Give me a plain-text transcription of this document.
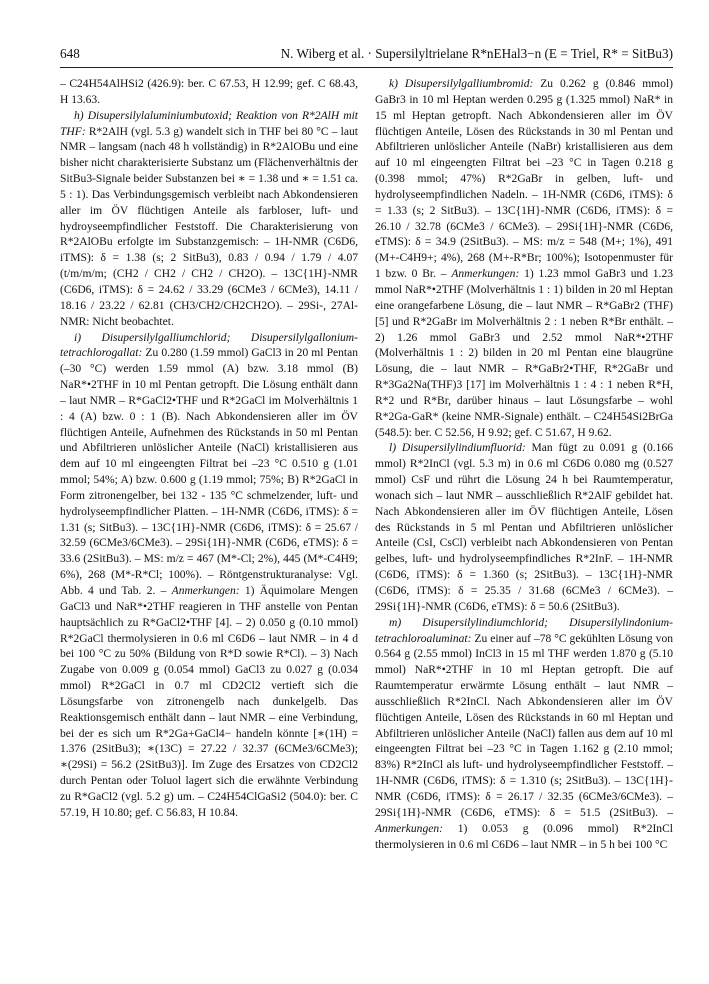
648	N. Wiberg et al. · Supersilyltrielane R*nEHal3−n (E = Triel, R* = SitBu3)

– C24H54AlHSi2 (426.9): ber. C 67.53, H 12.99; gef. C 68.43, H 13.63.

h) Disupersilylaluminiumbutoxid; Reaktion von R*2AlH mit THF: R*2AlH (vgl. 5.3 g) wandelt sich in THF bei 80 °C – laut NMR – langsam (nach 48 h vollständig) in R*2AlOBu und eine bisher nicht charakterisierte Substanz um (Flächenverhältnis der SitBu3-Signale beider Substanzen bei ∗ = 1.38 und ∗ = 1.51 ca. 5 : 1). Das Verbindungsgemisch verbleibt nach Abkondensieren aller im ÖV flüchtigen Anteile als farbloser, luft- und hydroyseempfindlicher Feststoff. Die Charakterisierung von R*2AlOBu erfolgte im Substanzgemisch: – 1H-NMR (C6D6, iTMS): δ = 1.38 (s; 2 SitBu3), 0.83 / 0.94 / 1.79 / 4.07 (t/m/m/m; (CH2 / CH2 / CH2 / CH2O). – 13C{1H}-NMR (C6D6, iTMS): δ = 24.62 / 33.29 (6CMe3 / 6CMe3), 14.11 / 18.16 / 23.22 / 62.81 (CH3/CH2/CH2CH2O). – 29Si-, 27Al-NMR: Nicht beobachtet.

i) Disupersilylgalliumchlorid; Disupersilylgallonium-tetrachlorogallat: Zu 0.280 (1.59 mmol) GaCl3 in 20 ml Pentan (–30 °C) werden 1.59 mmol (A) bzw. 3.18 mmol (B) NaR*•2THF in 10 ml Pentan getropft. Die Lösung enthält dann – laut NMR – R*GaCl2•THF und R*2GaCl im Molverhältnis 1 : 4 (A) bzw. 0 : 1 (B). Nach Abkondensieren aller im ÖV flüchtigen Anteile, Aufnehmen des Rückstands in 50 ml Pentan und Abfiltrieren unlöslicher Anteile (NaCl) kristallisieren aus dem auf 10 ml eingeengten Filtrat bei –23 °C 0.510 g (1.01 mmol; 54%; A) bzw. 0.600 g (1.19 mmol; 75%; B) R*2GaCl in Form zitronengelber, bei 132 - 135 °C schmelzender, luft- und hydrolyseempfindlicher Platten. – 1H-NMR (C6D6, iTMS): δ = 1.31 (s; SitBu3). – 13C{1H}-NMR (C6D6, iTMS): δ = 25.67 / 32.59 (6CMe3/6CMe3). – 29Si{1H}-NMR (C6D6, eTMS): δ = 33.6 (2SitBu3). – MS: m/z = 467 (M*-Cl; 2%), 445 (M*-C4H9; 6%), 268 (M*-R*Cl; 100%). – Röntgenstrukturanalyse: Vgl. Abb. 4 und Tab. 2. – Anmerkungen: 1) Äquimolare Mengen GaCl3 und NaR*•2THF reagieren in THF anstelle von Pentan hauptsächlich zu R*GaCl2•THF [4]. – 2) 0.050 g (0.10 mmol) R*2GaCl thermolysieren in 0.6 ml C6D6 – laut NMR – in 4 d bei 100 °C zu 50% (Bildung von R*D sowie R*Cl). – 3) Nach Zugabe von 0.009 g (0.054 mmol) GaCl3 zu 0.027 g (0.034 mmol) R*2GaCl in 0.7 ml CD2Cl2 vertieft sich die Lösungsfarbe von zitronengelb nach dunkelgelb. Das Reaktionsgemisch enthält dann – laut NMR – eine Verbindung, bei der es sich um R*2Ga+GaCl4− handeln könnte [∗(1H) = 1.376 (2SitBu3); ∗(13C) = 27.22 / 32.37 (6CMe3/6CMe3); ∗(29Si) = 56.2 (2SitBu3)]. Im Zuge des Ersatzes von CD2Cl2 durch Pentan oder Toluol lagert sich die erwähnte Verbindung zu R*GaCl2 (vgl. 5.2 g) um. – C24H54ClGaSi2 (504.0): ber. C 57.19, H 10.80; gef. C 56.83, H 10.84.

k) Disupersilylgalliumbromid: Zu 0.262 g (0.846 mmol) GaBr3 in 10 ml Heptan werden 0.295 g (1.325 mmol) NaR* in 15 ml Heptan getropft. Nach Abkondensieren aller im ÖV flüchtigen Anteile, Lösen des Rückstands in 30 ml Pentan und Abfiltrieren unlöslicher Anteile (NaBr) kristallisieren aus dem auf 10 ml eingeengten Filtrat bei –23 °C in Tagen 0.218 g (0.398 mmol; 47%) R*2GaBr in gelben, luft- und hydrolyseempfindlichen Nadeln. – 1H-NMR (C6D6, iTMS): δ = 1.33 (s; 2 SitBu3). – 13C{1H}-NMR (C6D6, iTMS): δ = 26.10 / 32.78 (6CMe3 / 6CMe3). – 29Si{1H}-NMR (C6D6, eTMS): δ = 34.9 (2SitBu3). – MS: m/z = 548 (M+; 1%), 491 (M+-C4H9+; 4%), 268 (M+-R*Br; 100%); Isotopenmuster für 1 bzw. 0 Br. – Anmerkungen: 1) 1.23 mmol GaBr3 und 1.23 mmol NaR*•2THF (Molverhältnis 1 : 1) bilden in 20 ml Heptan eine orangefarbene Lösung, die – laut NMR – R*GaBr2 (THF) [5] und R*2GaBr im Molverhältnis 2 : 1 neben R*Br enthält. – 2) 1.26 mmol GaBr3 und 2.52 mmol NaR*•2THF (Molverhältnis 1 : 2) bilden in 20 ml Pentan eine blaugrüne Lösung, die – laut NMR – R*GaBr2•THF, R*2GaBr und R*3Ga2Na(THF)3 [17] im Molverhältnis 1 : 4 : 1 neben R*H, R*2 und R*Br, darüber hinaus – laut Lösungsfarbe – wohl R*2Ga-GaR* (keine NMR-Signale) enthält. – C24H54Si2BrGa (548.5): ber. C 52.56, H 9.92; gef. C 51.67, H 9.62.

l) Disupersilylindiumfluorid: Man fügt zu 0.091 g (0.166 mmol) R*2InCl (vgl. 5.3 m) in 0.6 ml C6D6 0.080 mg (0.527 mmol) CsF und rührt die Lösung 24 h bei Raumtemperatur, wonach sich – laut NMR – ausschließlich R*2AlF gebildet hat. Nach Abkondensieren aller im ÖV flüchtigen Anteile, Lösen des Rückstands in 5 ml Pentan und Abfiltrieren unlöslicher Anteile (CsI, CsCl) verbleibt nach Abkondensieren von Pentan gelbes, luft- und hydrolyseempfindliches R*2InF. – 1H-NMR (C6D6, iTMS): δ = 1.360 (s; 2SitBu3). – 13C{1H}-NMR (C6D6, iTMS): δ = 25.35 / 31.68 (6CMe3 / 6CMe3). – 29Si{1H}-NMR (C6D6, eTMS): δ = 50.6 (2SitBu3).

m) Disupersilylindiumchlorid; Disupersilylindonium-tetrachloroaluminat: Zu einer auf –78 °C gekühlten Lösung von 0.564 g (2.55 mmol) InCl3 in 15 ml THF werden 1.870 g (5.10 mmol) NaR*•2THF in 10 ml Heptan getropft. Die auf Raumtemperatur erwärmte Lösung enthält – laut NMR – ausschließlich R*2InCl. Nach Abkondensieren aller im ÖV flüchtigen Anteile, Lösen des Rückstands in 60 ml Heptan und Abfiltrieren unlöslicher Anteile (NaCl) fallen aus dem auf 10 ml eingeengten Filtrat bei –23 °C in Tagen 1.162 g (2.10 mmol; 83%) R*2InCl als luft- und hydrolyseempfindlicher Feststoff. – 1H-NMR (C6D6, iTMS): δ = 1.310 (s; 2SitBu3). – 13C{1H}-NMR (C6D6, iTMS): δ = 26.17 / 32.35 (6CMe3/6CMe3). – 29Si{1H}-NMR (C6D6, eTMS): δ = 51.5 (2SitBu3). – Anmerkungen: 1) 0.053 g (0.096 mmol) R*2InCl thermolysieren in 0.6 ml C6D6 – laut NMR – in 5 h bei 100 °C
